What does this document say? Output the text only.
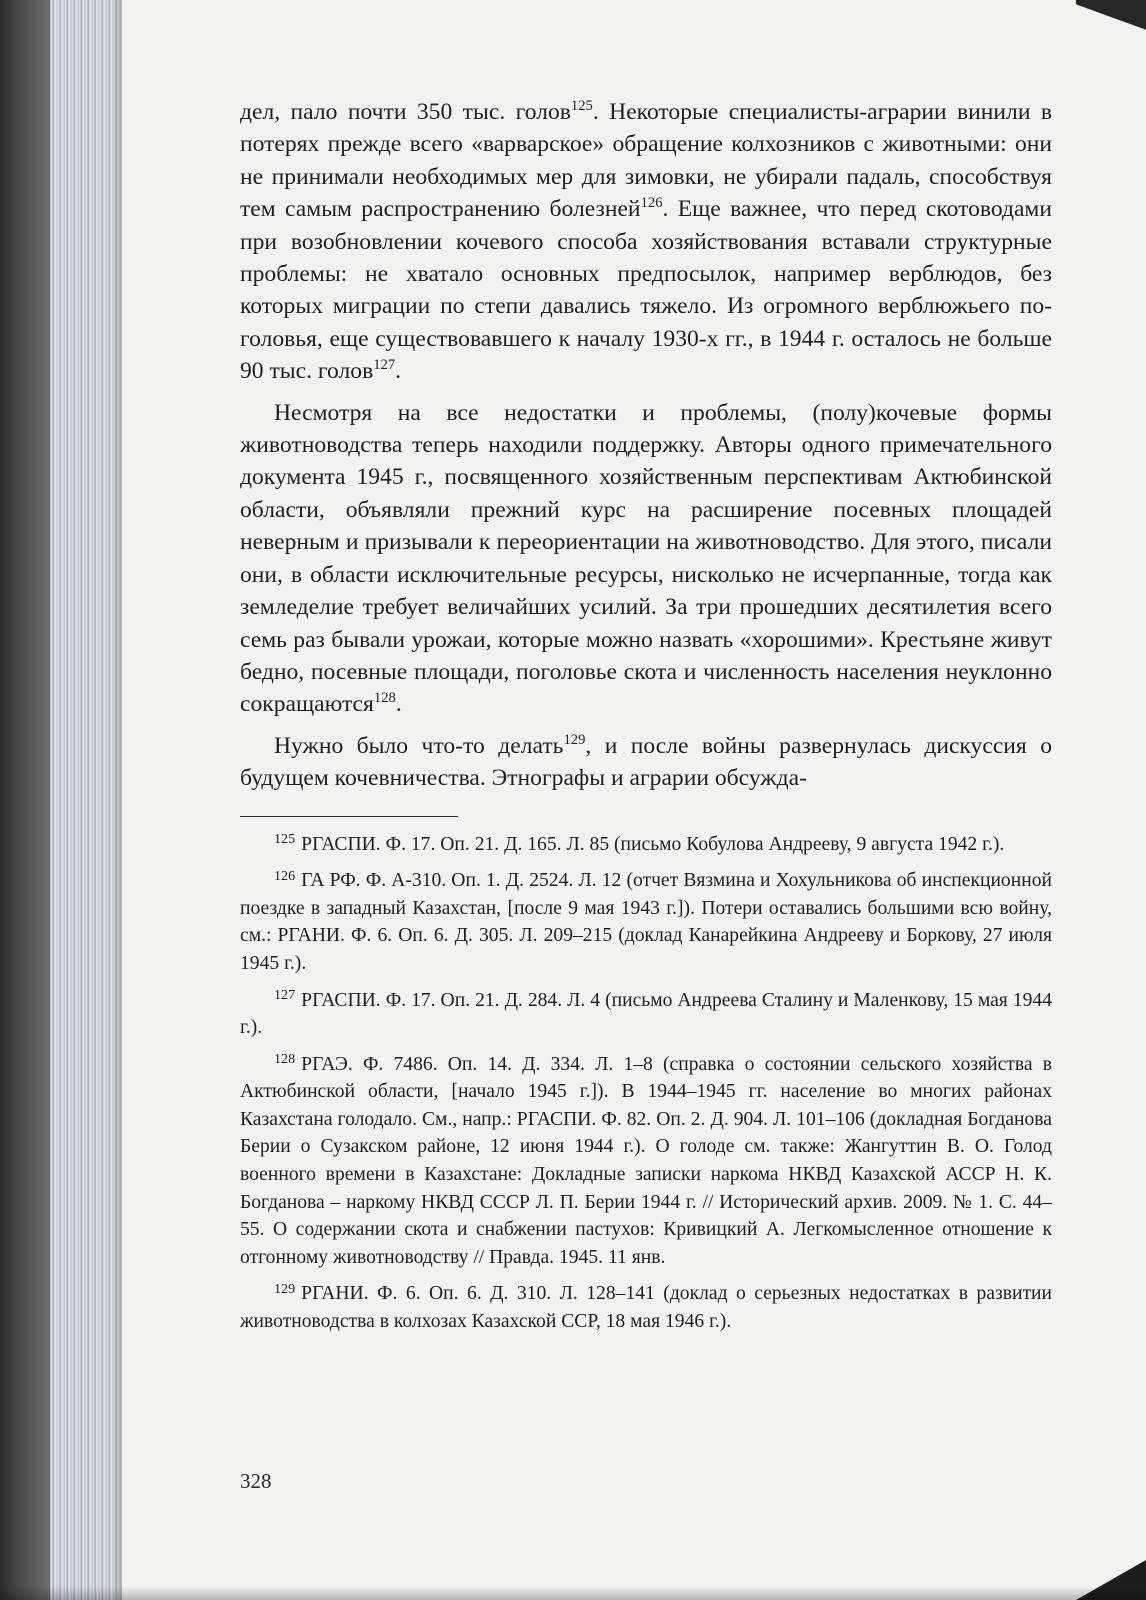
дел, пало почти 350 тыс. голов$^{125}$. Некоторые специалисты-аграрии винили в потерях прежде всего «варварское» обращение колхозников с животными: они не принимали необходимых мер для зимовки, не убирали падаль, способствуя тем самым распространению болезней$^{126}$. Еще важнее, что перед скотоводами при возобновлении кочевого способа хозяйствования вставали структурные проблемы: не хватало основных предпосылок, например верблюдов, без которых миграции по степи давались тяжело. Из огромного верблюжьего поголовья, еще существовавшего к началу 1930-х гг., в 1944 г. осталось не больше 90 тыс. голов$^{127}$.

Несмотря на все недостатки и проблемы, (полу)кочевые формы животноводства теперь находили поддержку. Авторы одного примечательного документа 1945 г., посвященного хозяйственным перспективам Актюбинской области, объявляли прежний курс на расширение посевных площадей неверным и призывали к переориентации на животноводство. Для этого, писали они, в области исключительные ресурсы, нисколько не исчерпанные, тогда как земледелие требует величайших усилий. За три прошедших десятилетия всего семь раз бывали урожаи, которые можно назвать «хорошими». Крестьяне живут бедно, посевные площади, поголовье скота и численность населения неуклонно сокращаются$^{128}$.

Нужно было что-то делать$^{129}$, и после войны развернулась дискуссия о будущем кочевничества. Этнографы и аграрии обсужда-

$^{125}$ РГАСПИ. Ф. 17. Оп. 21. Д. 165. Л. 85 (письмо Кобулова Андрееву, 9 августа 1942 г.).

$^{126}$ ГА РФ. Ф. А-310. Оп. 1. Д. 2524. Л. 12 (отчет Вязмина и Хохульникова об инспекционной поездке в западный Казахстан, [после 9 мая 1943 г.]). Потери оставались большими всю войну, см.: РГАНИ. Ф. 6. Оп. 6. Д. 305. Л. 209–215 (доклад Канарейкина Андрееву и Боркову, 27 июля 1945 г.).

$^{127}$ РГАСПИ. Ф. 17. Оп. 21. Д. 284. Л. 4 (письмо Андреева Сталину и Маленкову, 15 мая 1944 г.).

$^{128}$ РГАЭ. Ф. 7486. Оп. 14. Д. 334. Л. 1–8 (справка о состоянии сельского хозяйства в Актюбинской области, [начало 1945 г.]). В 1944–1945 гг. население во многих районах Казахстана голодало. См., напр.: РГАСПИ. Ф. 82. Оп. 2. Д. 904. Л. 101–106 (докладная Богданова Берии о Сузакском районе, 12 июня 1944 г.). О голоде см. также: Жангуттин В. О. Голод военного времени в Казахстане: Докладные записки наркома НКВД Казахской АССР Н. К. Богданова – наркому НКВД СССР Л. П. Берии 1944 г. // Исторический архив. 2009. № 1. С. 44–55. О содержании скота и снабжении пастухов: Кривицкий А. Легкомысленное отношение к отгонному животноводству // Правда. 1945. 11 янв.

$^{129}$ РГАНИ. Ф. 6. Оп. 6. Д. 310. Л. 128–141 (доклад о серьезных недостатках в развитии животноводства в колхозах Казахской ССР, 18 мая 1946 г.).

328
